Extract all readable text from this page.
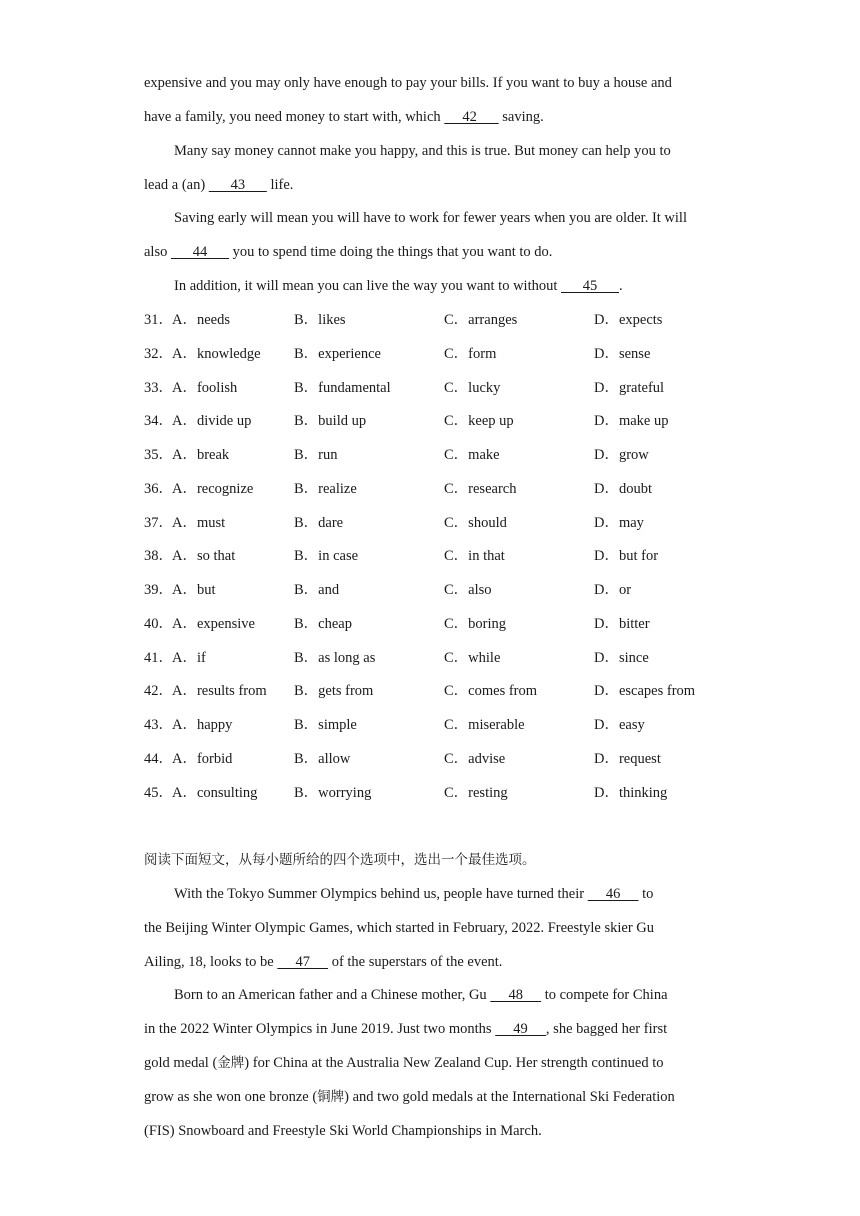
expensive and you may only have enough to pay your bills. If you want to buy a house and
have a family, you need money to start with, which      42       saving.
Many say money cannot make you happy, and this is true. But money can help you to
lead a (an)       43       life.
Saving early will mean you will have to work for fewer years when you are older. It will
also       44       you to spend time doing the things that you want to do.
In addition, it will mean you can live the way you want to without       45      .
31． A．needs	B．likes	C．arranges	D．expects
32． A．knowledge B．experience	C．form	D．sense
33． A．foolish	B．fundamental	C．lucky	D．grateful
34． A．divide up	B．build up	C．keep up	D．make up
35． A．break	B．run	C．make	D．grow
36． A．recognize	B．realize	C．research	D．doubt
37． A．must	B．dare	C．should	D．may
38． A．so that	B．in case	C．in that	D．but for
39． A．but	B．and	C．also	D．or
40． A．expensive	B．cheap	C．boring	D．bitter
41． A．if	B．as long as	C．while	D．since
42． A．results from B．gets from	C．comes from	D．escapes from
43． A．happy	B．simple	C．miserable	D．easy
44． A．forbid	B．allow	C．advise	D．request
45． A．consulting	B．worrying	C．resting	D．thinking
阅读下面短文，从每小题所给的四个选项中，选出一个最佳选项。
With the Tokyo Summer Olympics behind us, people have turned their      46      to
the Beijing Winter Olympic Games, which started in February, 2022. Freestyle skier Gu
Ailing, 18, looks to be      47      of the superstars of the event.
Born to an American father and a Chinese mother, Gu      48      to compete for China
in the 2022 Winter Olympics in June 2019. Just two months      49     , she bagged her first
gold medal (金牌) for China at the Australia New Zealand Cup. Her strength continued to
grow as she won one bronze (铜牌) and two gold medals at the International Ski Federation
(FIS) Snowboard and Freestyle Ski World Championships in March.
